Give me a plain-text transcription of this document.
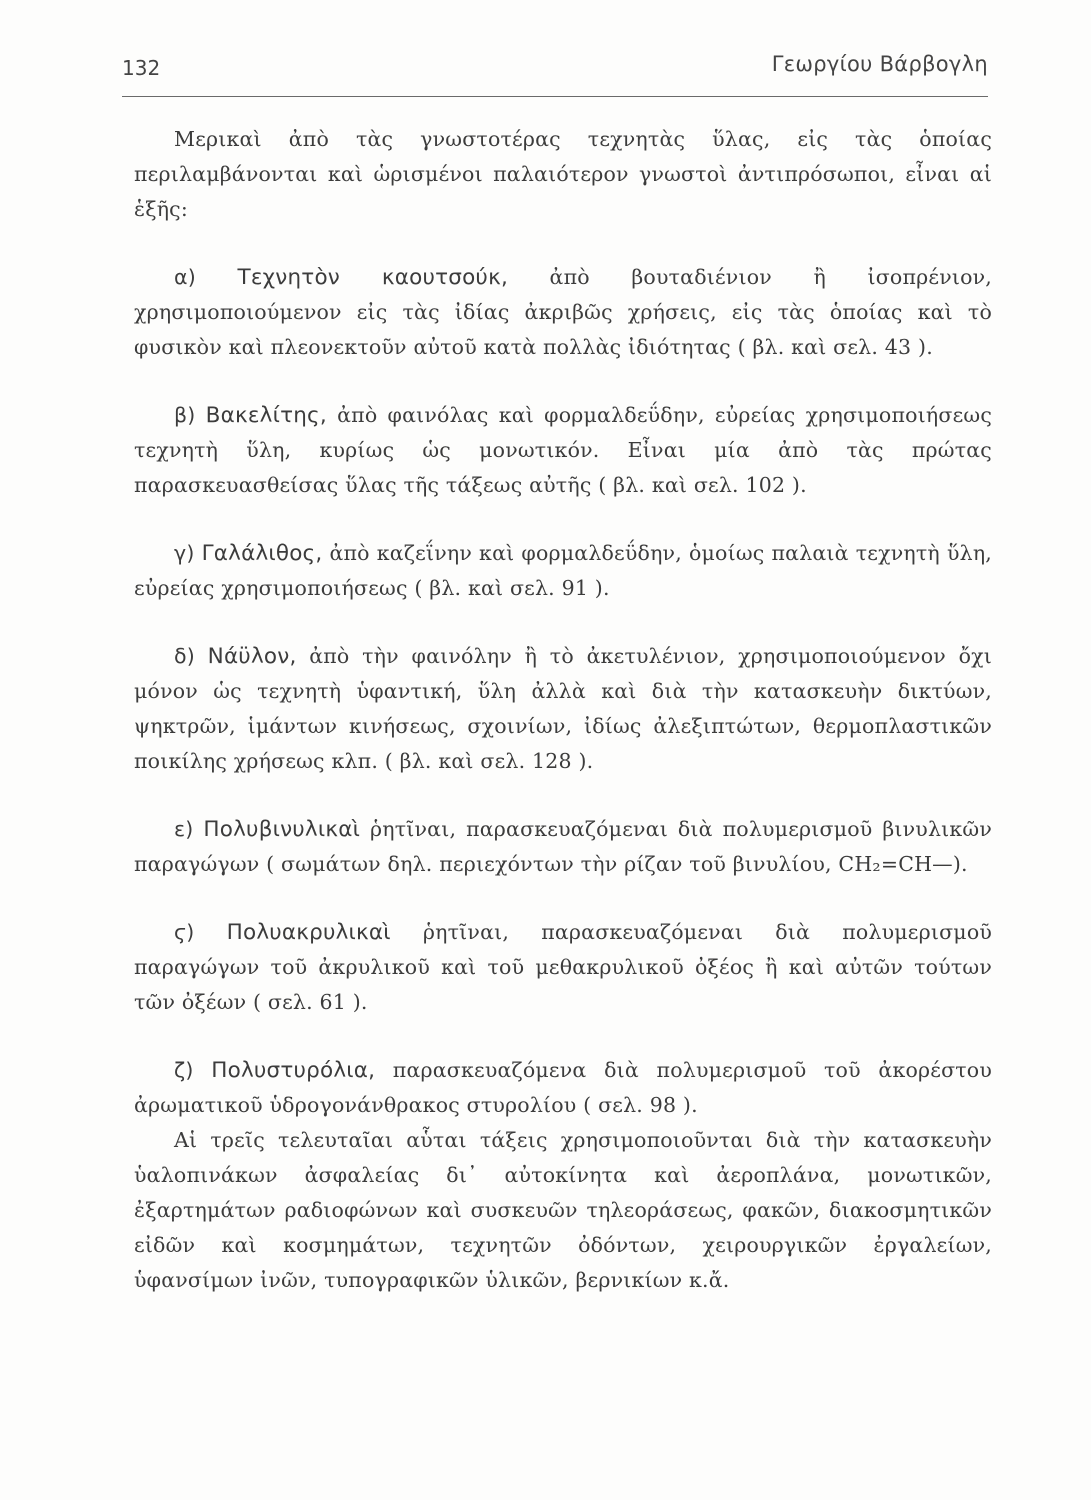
132	Γεωργίου Βάρβογλη

Μερικαὶ ἀπὸ τὰς γνωστοτέρας τεχνητὰς ὕλας, εἰς τὰς ὁποίας περιλαμβάνονται καὶ ὡρισμένοι παλαιότερον γνωστοὶ ἀντιπρόσωποι, εἶναι αἱ ἑξῆς:

α) Τεχνητὸν καουτσούκ, ἀπὸ βουταδιένιον ἢ ἰσοπρένιον, χρησιμοποιούμενον εἰς τὰς ἰδίας ἀκριβῶς χρήσεις, εἰς τὰς ὁποίας καὶ τὸ φυσικὸν καὶ πλεονεκτοῦν αὐτοῦ κατὰ πολλὰς ἰδιότητας ( βλ. καὶ σελ. 43 ).

β) Βακελίτης, ἀπὸ φαινόλας καὶ φορμαλδεΰδην, εὐρείας χρησιμοποιήσεως τεχνητὴ ὕλη, κυρίως ὡς μονωτικόν. Εἶναι μία ἀπὸ τὰς πρώτας παρασκευασθείσας ὕλας τῆς τάξεως αὐτῆς ( βλ. καὶ σελ. 102 ).

γ) Γαλάλιθος, ἀπὸ καζεΐνην καὶ φορμαλδεΰδην, ὁμοίως παλαιὰ τεχνητὴ ὕλη, εὐρείας χρησιμοποιήσεως ( βλ. καὶ σελ. 91 ).

δ) Νάϋλον, ἀπὸ τὴν φαινόλην ἢ τὸ ἀκετυλένιον, χρησιμοποιούμενον ὄχι μόνον ὡς τεχνητὴ ὑφαντική, ὕλη ἀλλὰ καὶ διὰ τὴν κατασκευὴν δικτύων, ψηκτρῶν, ἱμάντων κινήσεως, σχοινίων, ἰδίως ἀλεξιπτώτων, θερμοπλαστικῶν ποικίλης χρήσεως κλπ. ( βλ. καὶ σελ. 128 ).

ε) Πολυβινυλικαὶ ῥητῖναι, παρασκευαζόμεναι διὰ πολυμερισμοῦ βινυλικῶν παραγώγων ( σωμάτων δηλ. περιεχόντων τὴν ρίζαν τοῦ βινυλίου, CH₂=CH—).

ϛ) Πολυακρυλικαὶ ῥητῖναι, παρασκευαζόμεναι διὰ πολυμερισμοῦ παραγώγων τοῦ ἀκρυλικοῦ καὶ τοῦ μεθακρυλικοῦ ὀξέος ἢ καὶ αὐτῶν τούτων τῶν ὀξέων ( σελ. 61 ).

ζ) Πολυστυρόλια, παρασκευαζόμενα διὰ πολυμερισμοῦ τοῦ ἀκορέστου ἀρωματικοῦ ὑδρογονάνθρακος στυρολίου ( σελ. 98 ).

Αἱ τρεῖς τελευταῖαι αὗται τάξεις χρησιμοποιοῦνται διὰ τὴν κατασκευὴν ὑαλοπινάκων ἀσφαλείας δι᾿ αὐτοκίνητα καὶ ἀεροπλάνα, μονωτικῶν, ἐξαρτημάτων ραδιοφώνων καὶ συσκευῶν τηλεοράσεως, φακῶν, διακοσμητικῶν εἰδῶν καὶ κοσμημάτων, τεχνητῶν ὀδόντων, χειρουργικῶν ἐργαλείων, ὑφανσίμων ἰνῶν, τυπογραφικῶν ὑλικῶν, βερνικίων κ.ἄ.
